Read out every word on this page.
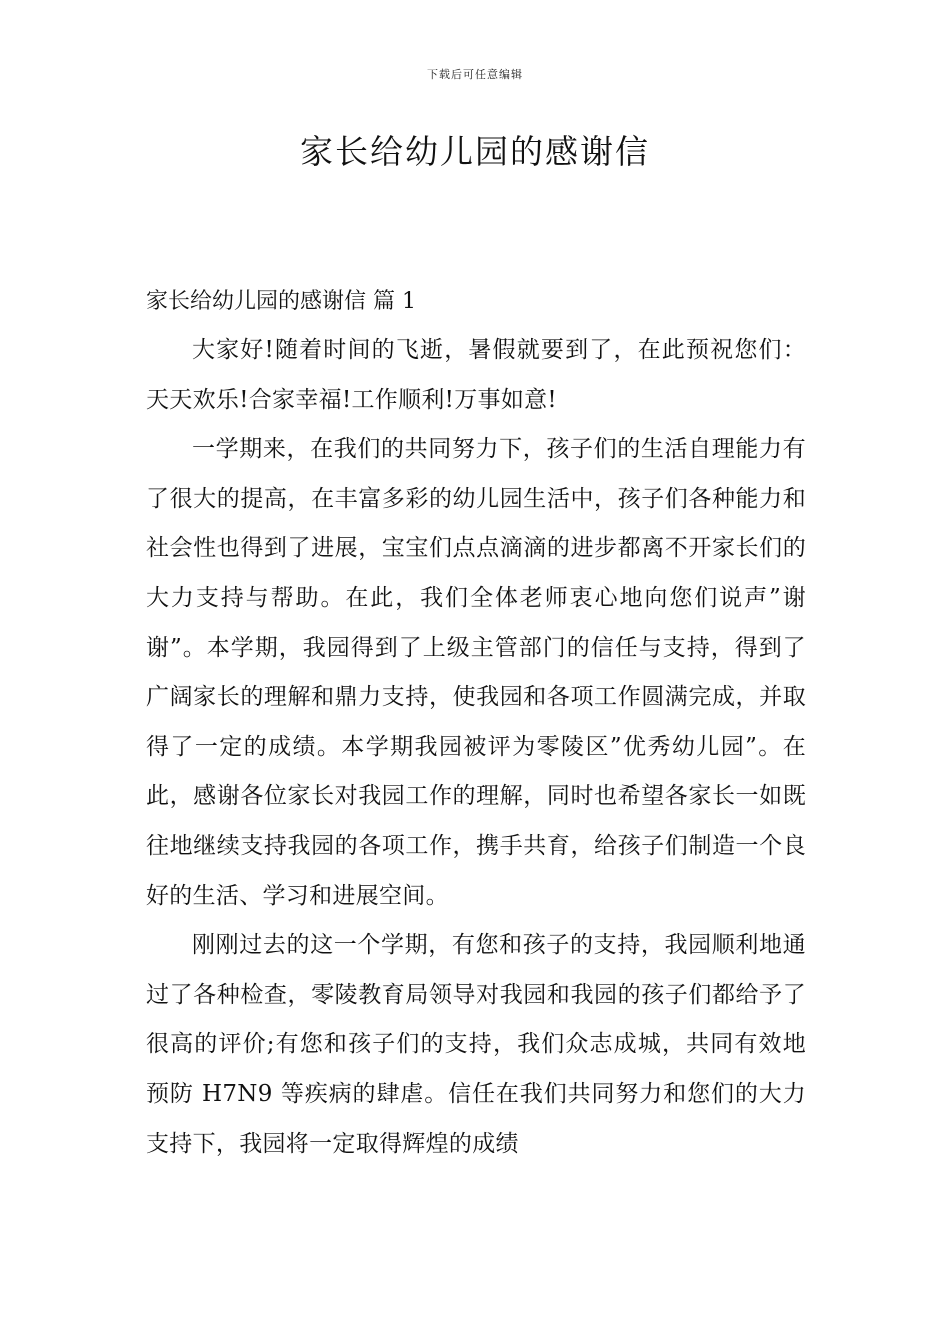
下载后可任意编辑
家长给幼儿园的感谢信
家长给幼儿园的感谢信 篇 1

大家好!随着时间的飞逝，暑假就要到了，在此预祝您们：天天欢乐!合家幸福!工作顺利!万事如意!

一学期来，在我们的共同努力下，孩子们的生活自理能力有了很大的提高，在丰富多彩的幼儿园生活中，孩子们各种能力和社会性也得到了进展，宝宝们点点滴滴的进步都离不开家长们的大力支持与帮助。在此，我们全体老师衷心地向您们说声”谢谢”。本学期，我园得到了上级主管部门的信任与支持，得到了广阔家长的理解和鼎力支持，使我园和各项工作圆满完成，并取得了一定的成绩。本学期我园被评为零陵区”优秀幼儿园”。在此，感谢各位家长对我园工作的理解，同时也希望各家长一如既往地继续支持我园的各项工作，携手共育，给孩子们制造一个良好的生活、学习和进展空间。

刚刚过去的这一个学期，有您和孩子的支持，我园顺利地通过了各种检查，零陵教育局领导对我园和我园的孩子们都给予了很高的评价;有您和孩子们的支持，我们众志成城，共同有效地预防 H7N9 等疾病的肆虐。信任在我们共同努力和您们的大力支持下，我园将一定取得辉煌的成绩
